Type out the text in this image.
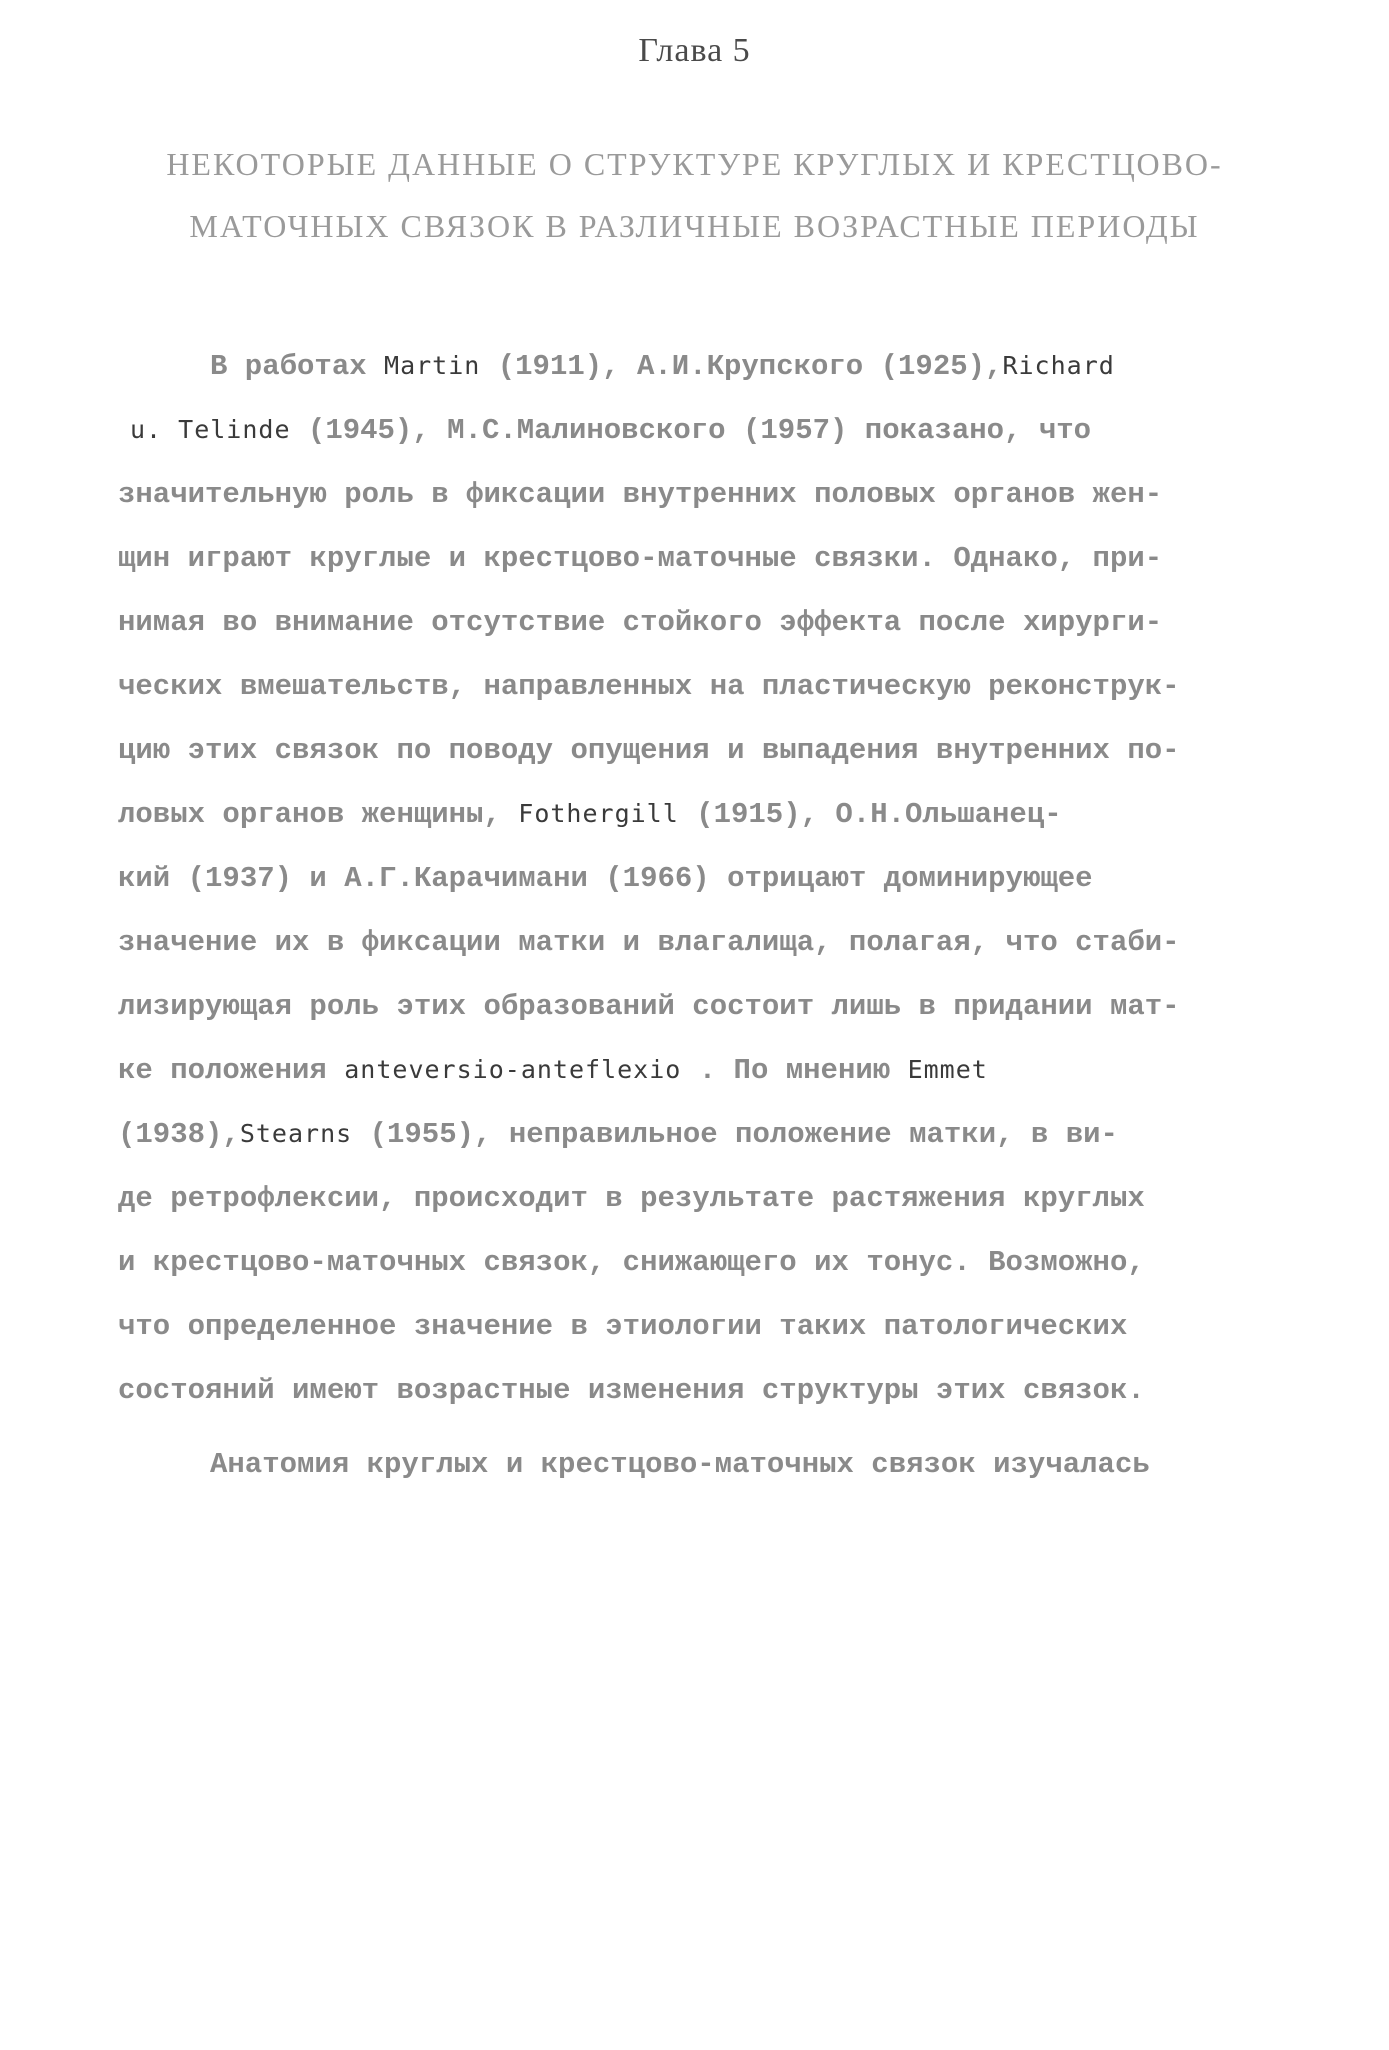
Глава 5
НЕКОТОРЫЕ ДАННЫЕ О СТРУКТУРЕ КРУГЛЫХ И КРЕСТЦОВО-
МАТОЧНЫХ СВЯЗОК В РАЗЛИЧНЫЕ ВОЗРАСТНЫЕ ПЕРИОДЫ
В работах Martin (1911), А.И.Крупского (1925),Richard
u. Telinde (1945), М.С.Малиновского (1957) показано, что
значительную роль в фиксации внутренних половых органов жен-
щин играют круглые и крестцово-маточные связки. Однако, при-
нимая во внимание отсутствие стойкого эффекта после хирурги-
ческих вмешательств, направленных на пластическую реконструк-
цию этих связок по поводу опущения и выпадения внутренних по-
ловых органов женщины, Fothergill (1915), О.Н.Ольшанец-
кий (1937) и А.Г.Карачимани (1966) отрицают доминирующее
значение их в фиксации матки и влагалища, полагая, что стаби-
лизирующая роль этих образований состоит лишь в придании мат-
ке положения anteversio-anteflexio . По мнению Emmet
(1938),Stearns (1955), неправильное положение матки, в ви-
де ретрофлексии, происходит в результате растяжения круглых
и крестцово-маточных связок, снижающего их тонус. Возможно,
что определенное значение в этиологии таких патологических
состояний имеют возрастные изменения структуры этих связок.
Анатомия круглых и крестцово-маточных связок изучалась
